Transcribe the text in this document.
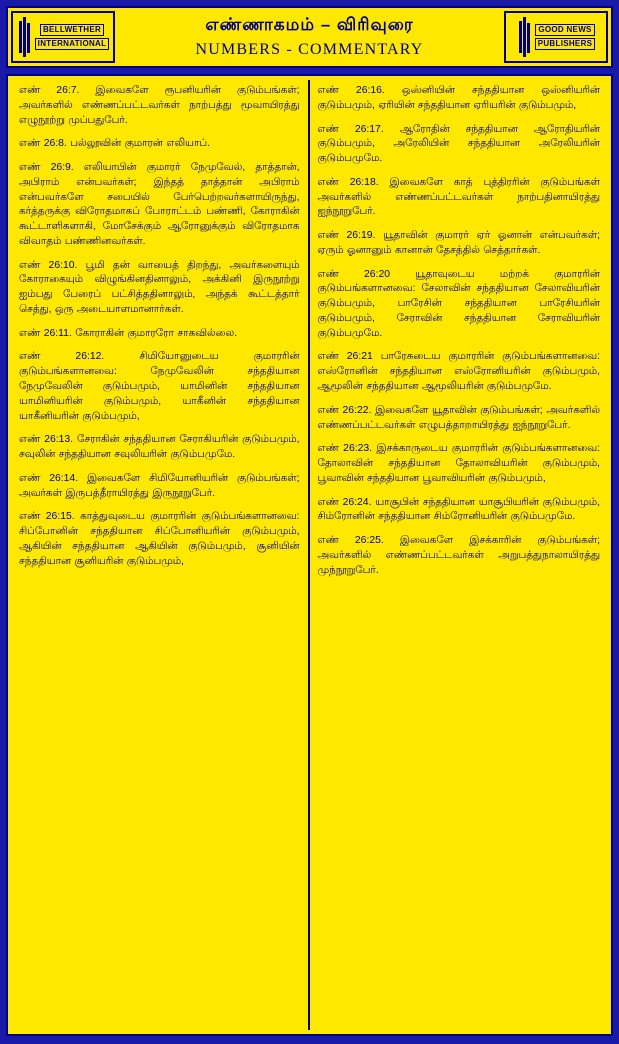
BELLWETHER
INTERNATIONAL
எண்ணாகமம் – விரிவுரை
NUMBERS - COMMENTARY
GOOD NEWS
PUBLISHERS

எண் 26:7. இவைகளே ரூபனியரின் குடும்பங்கள்; அவர்களில் எண்ணப்பட்டவர்கள் நாற்பத்து மூவாயிரத்து எழுநூற்று முப்பதுபேர்.

எண் 26:8. பல்லூவின் குமாரன் எலியாப்.

எண் 26:9. எலியாபின் குமாரர் நேமுவேல், தாத்தான், அபிராம் என்பவர்கள்; இந்தத் தாத்தான் அபிராம் என்பவர்களே சபையில் பேர்பெற்றவர்களாயிருந்து, கர்த்தருக்கு விரோதமாகப் போராட்டம் பண்ணி, கோராகின் கூட்டாளிகளாகி, மோசேக்கும் ஆரோனுக்கும் விரோதமாக விவாதம் பண்ணினவர்கள்.

எண் 26:10. பூமி தன் வாயைத் திறந்து, அவர்களையும் கோராகையும் விழுங்கினதினாலும், அக்கினி இருநூற்று ஐம்பது பேரைப் பட்சித்ததினாலும், அந்தக் கூட்டத்தார் செத்து, ஒரு அடையாளமானார்கள்.

எண் 26:11. கோராகின் குமாரரோ சாகவில்லை.

எண் 26:12. சிமியோனுடைய குமாரரின் குடும்பங்களானவை: நேமுவேலின் சந்ததியான நேமுவேலின் குடும்பமும், யாமினின் சந்ததியான யாமினியரின் குடும்பமும், யாகீனின் சந்ததியான யாகீனியரின் குடும்பமும்,

எண் 26:13. சேராகின் சந்ததியான சேராகியரின் குடும்பமும், சவுலின் சந்ததியான சவுலியரின் குடும்பமுமே.

எண் 26:14. இவைகளே சிமியோனியரின் குடும்பங்கள்; அவர்கள் இருபத்தீராயிரத்து இருநூறுபேர்.

எண் 26:15. காத்துவுடைய குமாரரின் குடும்பங்களானவை: சிப்போனின் சந்ததியான சிப்போனியரின் குடும்பமும், ஆகியின் சந்ததியான ஆகியின் குடும்பமும், சூனியின் சந்ததியான சூனியரின் குடும்பமும்,

எண் 26:16. ஒஸ்னியின் சந்ததியான ஒஸ்னியரின் குடும்பமும், ஏரியின் சந்ததியான ஏரியரின் குடும்பமும்,

எண் 26:17. ஆரோதின் சந்ததியான ஆரோதியரின் குடும்பமும், அரேலியின் சந்ததியான அரேலியரின் குடும்பமுமே.

எண் 26:18. இவைகளே காத் புத்திரரின் குடும்பங்கள் அவர்களில் எண்ணப்பட்டவர்கள் நாற்பதினாயிரத்து ஐந்நூறுபேர்.

எண் 26:19. யூதாவின் குமாரர் ஏர் ஓனான் என்பவர்கள்; ஏரும் ஓனானும் கானான் தேசத்தில் செத்தார்கள்.

எண் 26:20 யூதாவுடைய மற்றக் குமாரரின் குடும்பங்களானவை: சேலாவின் சந்ததியான சேலாவியரின் குடும்பமும், பாரேசின் சந்ததியான பாரேசியரின் குடும்பமும், சேராவின் சந்ததியான சேராவியரின் குடும்பமுமே.

எண் 26:21 பாரேசுடைய குமாரரின் குடும்பங்களானவை: எஸ்ரோனின் சந்ததியான எஸ்ரோனியரின் குடும்பமும், ஆமூலின் சந்ததியான ஆமூலியரின் குடும்பமுமே.

எண் 26:22. இவைகளே யூதாவின் குடும்பங்கள்; அவர்களில் எண்ணப்பட்டவர்கள் எழுபத்தாறாயிரத்து ஐந்நூறுபேர்.

எண் 26:23. இசக்காருடைய குமாரரின் குடும்பங்களானவை: தோலாவின் சந்ததியான தோலாவியரின் குடும்பமும், பூவாவின் சந்ததியான பூவாவியரின் குடும்பமும்,

எண் 26:24. யாசூபின் சந்ததியான யாசூபியரின் குடும்பமும், சிம்ரோனின் சந்ததியான சிம்ரோனியரின் குடும்பமுமே.

எண் 26:25. இவைகளே இசக்காரின் குடும்பங்கள்; அவர்களில் எண்ணப்பட்டவர்கள் அறுபத்துநாலாயிரத்து முந்நூறுபேர்.
